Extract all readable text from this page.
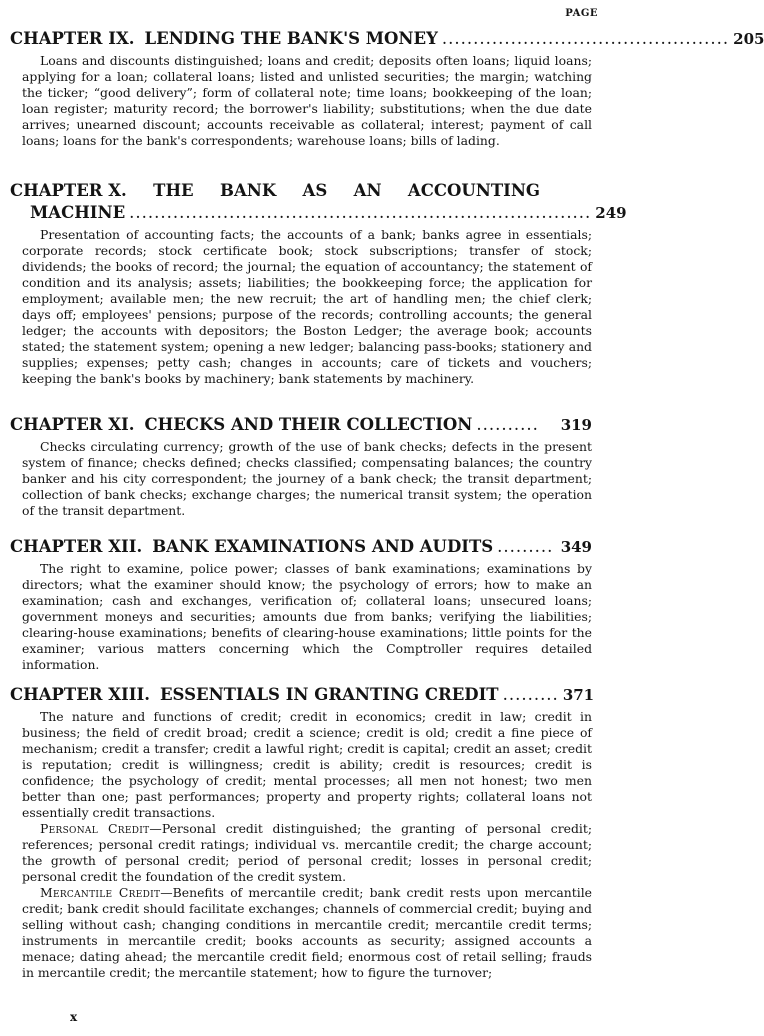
PAGE
CHAPTER IX. LENDING THE BANK'S MONEY .............................................. 205
Loans and discounts distinguished; loans and credit; deposits often loans; liquid loans; applying for a loan; collateral loans; listed and unlisted securities; the margin; watching the ticker; “good delivery”; form of collateral note; time loans; bookkeeping of the loan; loan register; maturity record; the borrower's liability; substitutions; when the due date arrives; unearned discount; accounts receivable as collateral; interest; payment of call loans; loans for the bank's correspondents; warehouse loans; bills of lading.
CHAPTER X. THE BANK AS AN ACCOUNTING
MACHINE .......................................................................... 249
Presentation of accounting facts; the accounts of a bank; banks agree in essentials; corporate records; stock certificate book; stock subscriptions; transfer of stock; dividends; the books of record; the journal; the equation of accountancy; the statement of condition and its analysis; assets; liabilities; the bookkeeping force; the application for employment; available men; the new recruit; the art of handling men; the chief clerk; days off; employees' pensions; purpose of the records; controlling accounts; the general ledger; the accounts with depositors; the Boston Ledger; the average book; accounts stated; the statement system; opening a new ledger; balancing pass-books; stationery and supplies; expenses; petty cash; changes in accounts; care of tickets and vouchers; keeping the bank's books by machinery; bank statements by machinery.
CHAPTER XI. CHECKS AND THEIR COLLECTION ..........	319
Checks circulating currency; growth of the use of bank checks; defects in the present system of finance; checks defined; checks classified; compensating balances; the country banker and his city correspondent; the journey of a bank check; the transit department; collection of bank checks; exchange charges; the numerical transit system; the operation of the transit department.
CHAPTER XII. BANK EXAMINATIONS AND AUDITS ......... 349
The right to examine, police power; classes of bank examinations; examinations by directors; what the examiner should know; the psychology of errors; how to make an examination; cash and exchanges, verification of; collateral loans; unsecured loans; government moneys and securities; amounts due from banks; verifying the liabilities; clearing-house examinations; benefits of clearing-house examinations; little points for the examiner; various matters concerning which the Comptroller requires detailed information.
CHAPTER XIII. ESSENTIALS IN GRANTING CREDIT ......... 371

The nature and functions of credit; credit in economics; credit in law; credit in business; the field of credit broad; credit a science; credit is old; credit a fine piece of mechanism; credit a transfer; credit a lawful right; credit is capital; credit an asset; credit is reputation; credit is willingness; credit is ability; credit is resources; credit is confidence; the psychology of credit; mental processes; all men not honest; two men better than one; past performances; property and property rights; collateral loans not essentially credit transactions.

Personal Credit—Personal credit distinguished; the granting of personal credit; references; personal credit ratings; individual vs. mercantile credit; the charge account; the growth of personal credit; period of personal credit; losses in personal credit; personal credit the foundation of the credit system.

Mercantile Credit—Benefits of mercantile credit; bank credit rests upon mercantile credit; bank credit should facilitate exchanges; channels of commercial credit; buying and selling without cash; changing conditions in mercantile credit; mercantile credit terms; instruments in mercantile credit; books accounts as security; assigned accounts a menace; dating ahead; the mercantile credit field; enormous cost of retail selling; frauds in mercantile credit; the mercantile statement; how to figure the turnover;

x
